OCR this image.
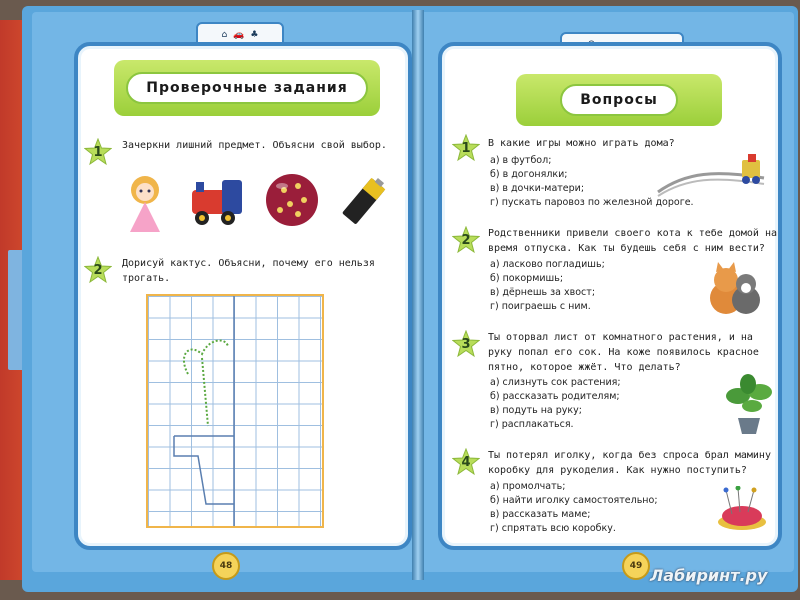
⌂ 🚗 ♣
Проверочные задания
1 Зачеркни лишний предмет. Объясни свой выбор.
2 Дорисуй кактус. Объясни, почему его нельзя
трогать.
48
Вопросы
1 В какие игры можно играть дома?
а) в футбол;
б) в догонялки;
в) в дочки-матери;
г) пускать паровоз по железной дороге.
2 Родственники привели своего кота к тебе домой на
время отпуска. Как ты будешь себя с ним вести?
а) ласково погладишь;
б) покормишь;
в) дёрнешь за хвост;
г) поиграешь с ним.
3 Ты оторвал лист от комнатного растения, и на
руку попал его сок. На коже появилось красное
пятно, которое жжёт. Что делать?
а) слизнуть сок растения;
б) рассказать родителям;
в) подуть на руку;
г) расплакаться.
4 Ты потерял иголку, когда без спроса брал мамину
коробку для рукоделия. Как нужно поступить?
а) промолчать;
б) найти иголку самостоятельно;
в) рассказать маме;
г) спрятать всю коробку.
49 Лабиринт.ру
